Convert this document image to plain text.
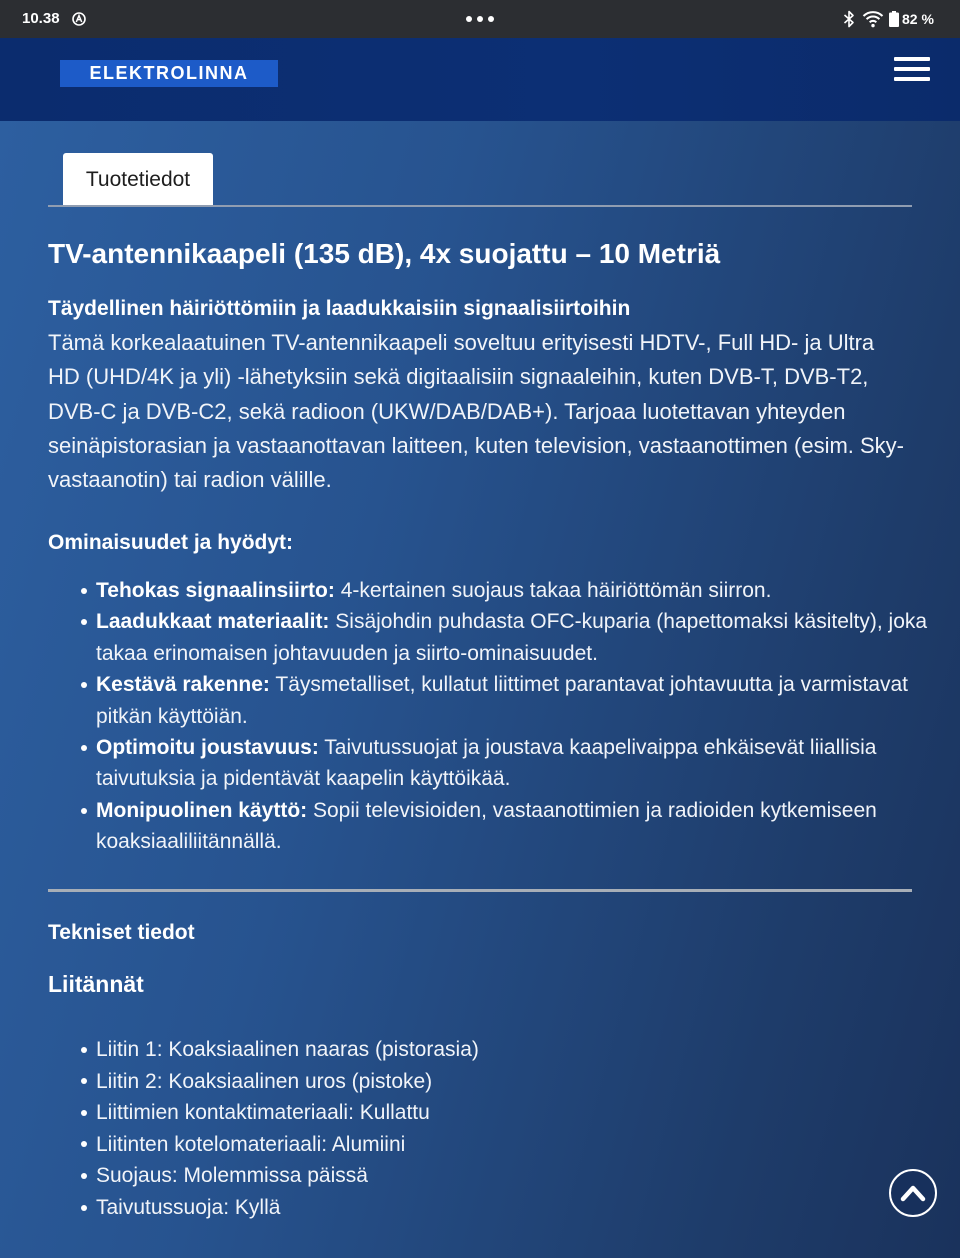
10.38	82 %
ELEKTROLINNA
Tuotetiedot
TV-antennikaapeli (135 dB), 4x suojattu – 10 Metriä
Täydellinen häiriöttömiin ja laadukkaisiin signaalisiirtoihin

Tämä korkealaatuinen TV-antennikaapeli soveltuu erityisesti HDTV-, Full HD- ja Ultra HD (UHD/4K ja yli) -lähetyksiin sekä digitaalisiin signaaleihin, kuten DVB-T, DVB-T2, DVB-C ja DVB-C2, sekä radioon (UKW/DAB/DAB+). Tarjoaa luotettavan yhteyden seinäpistorasian ja vastaanottavan laitteen, kuten television, vastaanottimen (esim. Sky-vastaanotin) tai radion välille.

Ominaisuudet ja hyödyt:
Tehokas signaalinsiirto: 4-kertainen suojaus takaa häiriöttömän siirron.
Laadukkaat materiaalit: Sisäjohdin puhdasta OFC-kuparia (hapettomaksi käsitelty), joka takaa erinomaisen johtavuuden ja siirto-ominaisuudet.
Kestävä rakenne: Täysmetalliset, kullatut liittimet parantavat johtavuutta ja varmistavat pitkän käyttöiän.
Optimoitu joustavuus: Taivutussuojat ja joustava kaapelivaippa ehkäisevät liiallisia taivutuksia ja pidentävät kaapelin käyttöikää.
Monipuolinen käyttö: Sopii televisioiden, vastaanottimien ja radioiden kytkemiseen koaksiaaliliitännällä.
Tekniset tiedot
Liitännät
Liitin 1: Koaksiaalinen naaras (pistorasia)
Liitin 2: Koaksiaalinen uros (pistoke)
Liittimien kontaktimateriaali: Kullattu
Liitinten kotelomateriaali: Alumiini
Suojaus: Molemmissa päissä
Taivutussuoja: Kyllä
